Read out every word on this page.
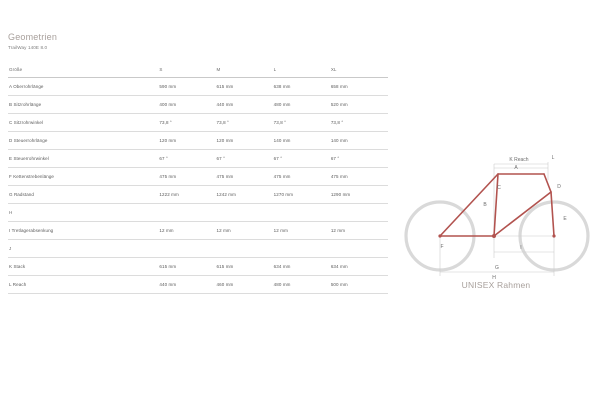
Geometrien
TrailWay 140E 8.0
Größe	S	M	L	XL
A Oberrohrlänge	590 mm	615 mm	638 mm	658 mm
B Sitzrohrlänge	400 mm	440 mm	480 mm	520 mm
C Sitzrohrwinkel	73,8 °	73,8 °	73,8 °	73,8 °
D Steuerrohrlänge	120 mm	120 mm	140 mm	140 mm
E Steuerrohrwinkel	67 °	67 °	67 °	67 °
F Kettenstrebenlänge	475 mm	475 mm	475 mm	475 mm
G Radstand	1222 mm	1242 mm	1270 mm	1290 mm
H				
I Tretlagerabsenkung	12 mm	12 mm	12 mm	12 mm
J				
K Stack	615 mm	615 mm	634 mm	634 mm
L Reach	440 mm	460 mm	480 mm	500 mm
A
B
C	D
E
F
G
H
I
K Reach	L
UNISEX Rahmen
